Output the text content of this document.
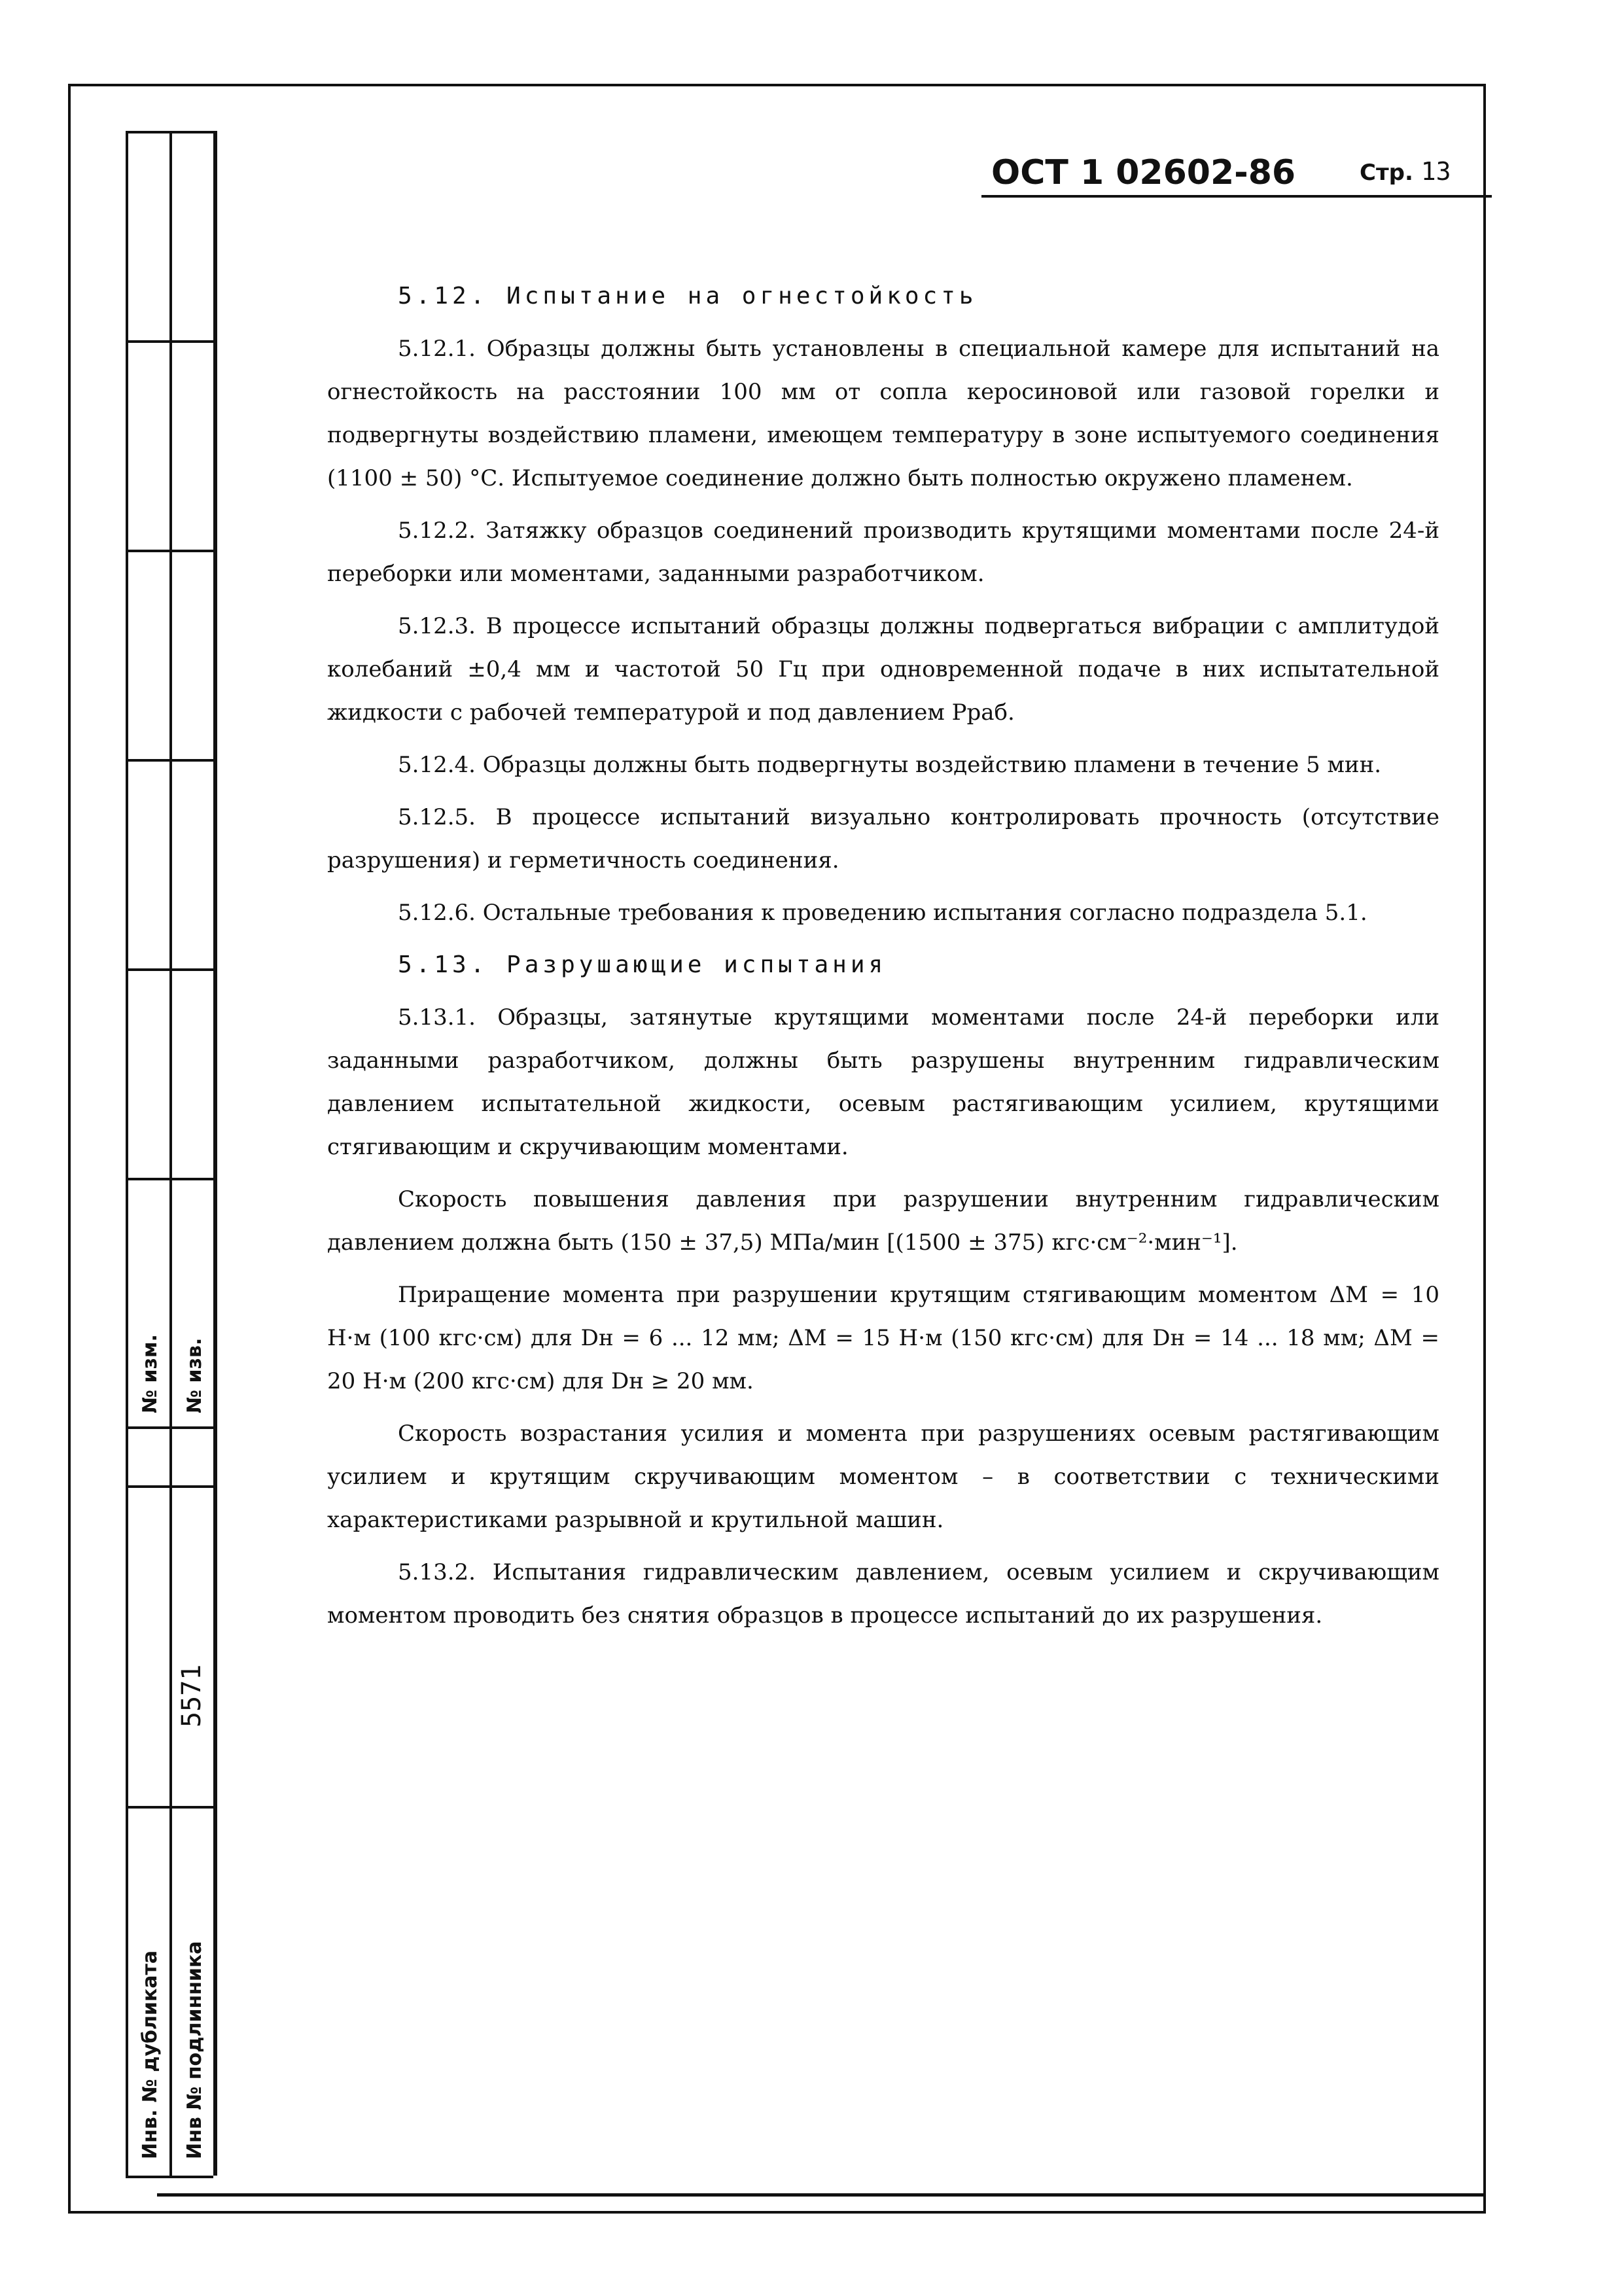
№ изм. № изв.
5571
Инв. № дубликата Инв № подлинника
ОСТ 1 02602-86	Стр. 13

5.12. Испытание на огнестойкость

5.12.1. Образцы должны быть установлены в специальной камере для испытаний на огнестойкость на расстоянии 100 мм от сопла керосиновой или газовой горелки и подвергнуты воздействию пламени, имеющем температуру в зоне испытуемого соединения (1100 ± 50) °С. Испытуемое соединение должно быть полностью окружено пламенем.

5.12.2. Затяжку образцов соединений производить крутящими моментами после 24-й переборки или моментами, заданными разработчиком.

5.12.3. В процессе испытаний образцы должны подвергаться вибрации с амплитудой колебаний ±0,4 мм и частотой 50 Гц при одновременной подаче в них испытательной жидкости с рабочей температурой и под давлением Pраб.

5.12.4. Образцы должны быть подвергнуты воздействию пламени в течение 5 мин.

5.12.5. В процессе испытаний визуально контролировать прочность (отсутствие разрушения) и герметичность соединения.

5.12.6. Остальные требования к проведению испытания согласно подраздела 5.1.

5.13. Разрушающие испытания

5.13.1. Образцы, затянутые крутящими моментами после 24-й переборки или заданными разработчиком, должны быть разрушены внутренним гидравлическим давлением испытательной жидкости, осевым растягивающим усилием, крутящими стягивающим и скручивающим моментами.

Скорость повышения давления при разрушении внутренним гидравлическим давлением должна быть (150 ± 37,5) МПа/мин [(1500 ± 375) кгс·см⁻²·мин⁻¹].

Приращение момента при разрушении крутящим стягивающим моментом ΔM = 10 Н·м (100 кгс·см) для Dн = 6 ... 12 мм; ΔM = 15 Н·м (150 кгс·см) для Dн = 14 ... 18 мм; ΔM = 20 Н·м (200 кгс·см) для Dн ≥ 20 мм.

Скорость возрастания усилия и момента при разрушениях осевым растягивающим усилием и крутящим скручивающим моментом – в соответствии с техническими характеристиками разрывной и крутильной машин.

5.13.2. Испытания гидравлическим давлением, осевым усилием и скручивающим моментом проводить без снятия образцов в процессе испытаний до их разрушения.
